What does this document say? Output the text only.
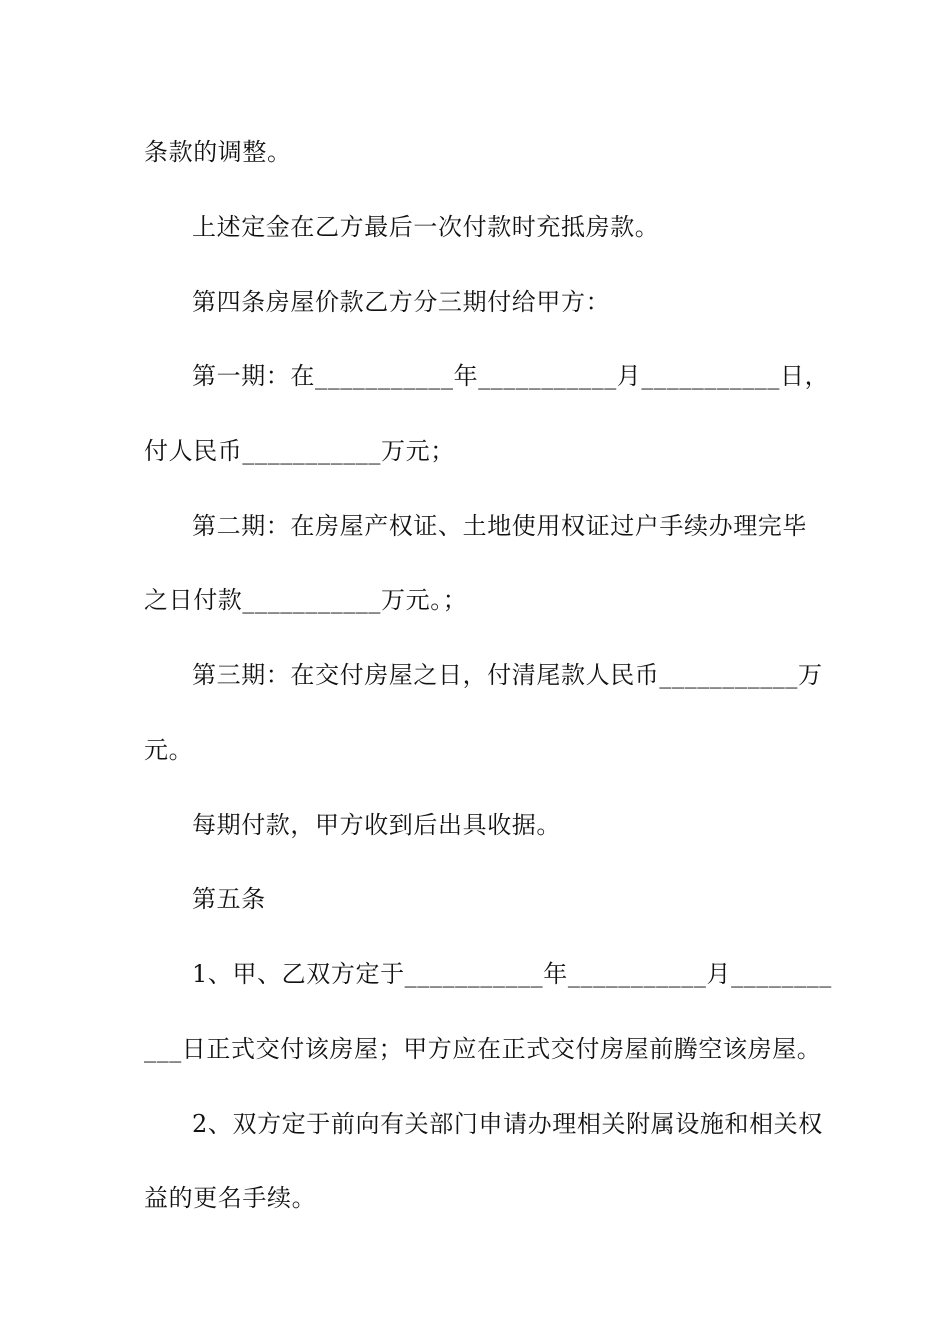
条款的调整。
上述定金在乙方最后一次付款时充抵房款。
第四条房屋价款乙方分三期付给甲方：
第一期：在___________年___________月___________日，
付人民币___________万元；
第二期：在房屋产权证、土地使用权证过户手续办理完毕
之日付款___________万元。；
第三期：在交付房屋之日，付清尾款人民币___________万
元。
每期付款，甲方收到后出具收据。
第五条
1、甲、乙双方定于___________年___________月________
___日正式交付该房屋；甲方应在正式交付房屋前腾空该房屋。
2、双方定于前向有关部门申请办理相关附属设施和相关权
益的更名手续。
